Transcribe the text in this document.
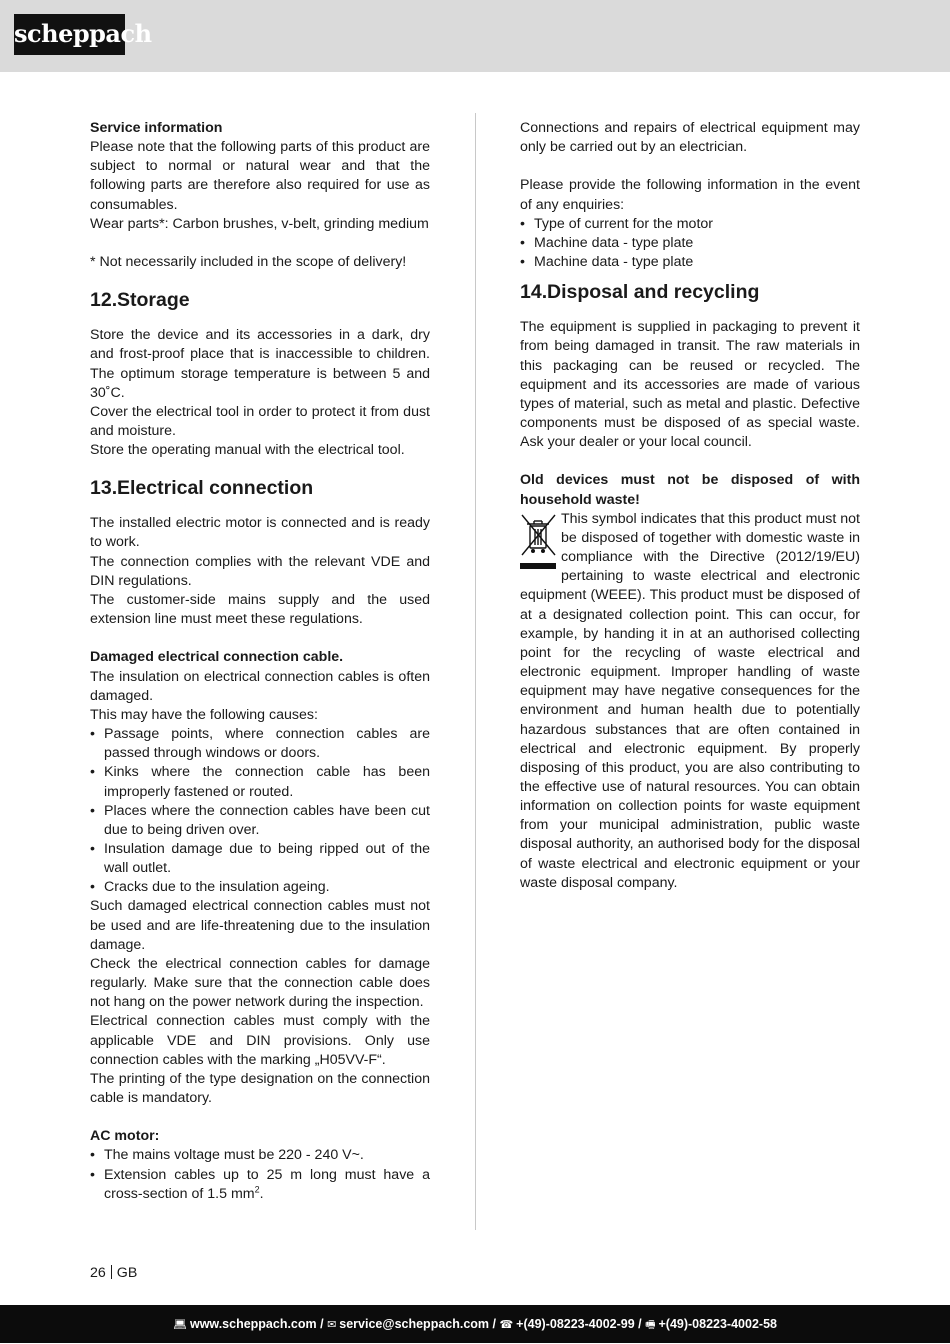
scheppach

Service information

Please note that the following parts of this product are subject to normal or natural wear and that the following parts are therefore also required for use as consumables.

Wear parts*: Carbon brushes, v-belt, grinding medium

* Not necessarily included in the scope of delivery!

12.Storage

Store the device and its accessories in a dark, dry and frost-proof place that is inaccessible to children. The optimum storage temperature is between 5 and 30˚C.

Cover the electrical tool in order to protect it from dust and moisture.

Store the operating manual with the electrical tool.

13.Electrical connection

The installed electric motor is connected and is ready to work.

The connection complies with the relevant VDE and DIN regulations.

The customer-side mains supply and the used extension line must meet these regulations.

Damaged electrical connection cable.

The insulation on electrical connection cables is often damaged.

This may have the following causes:

• Passage points, where connection cables are passed through windows or doors.
• Kinks where the connection cable has been improperly fastened or routed.
• Places where the connection cables have been cut due to being driven over.
• Insulation damage due to being ripped out of the wall outlet.
• Cracks due to the insulation ageing.

Such damaged electrical connection cables must not be used and are life-threatening due to the insulation damage.

Check the electrical connection cables for damage regularly. Make sure that the connection cable does not hang on the power network during the inspection.

Electrical connection cables must comply with the applicable VDE and DIN provisions. Only use connection cables with the marking „H05VV-F“.

The printing of the type designation on the connection cable is mandatory.

AC motor:

• The mains voltage must be 220 - 240 V~.
• Extension cables up to 25 m long must have a cross-section of 1.5 $mm^2$.

Connections and repairs of electrical equipment may only be carried out by an electrician.

Please provide the following information in the event of any enquiries:

• Type of current for the motor
• Machine data - type plate
• Machine data - type plate
14.Disposal and recycling

The equipment is supplied in packaging to prevent it from being damaged in transit. The raw materials in this packaging can be reused or recycled. The equipment and its accessories are made of various types of material, such as metal and plastic. Defective components must be disposed of as special waste. Ask your dealer or your local council.

Old devices must not be disposed of with household waste!

This symbol indicates that this product must not be disposed of together with domestic waste in compliance with the Directive (2012/19/EU) pertaining to waste electrical and electronic equipment (WEEE). This product must be disposed of at a designated collection point. This can occur, for example, by handing it in at an authorised collecting point for the recycling of waste electrical and electronic equipment. Improper handling of waste equipment may have negative consequences for the environment and human health due to potentially hazardous substances that are often contained in electrical and electronic equipment. By properly disposing of this product, you are also contributing to the effective use of natural resources. You can obtain information on collection points for waste equipment from your municipal administration, public waste disposal authority, an authorised body for the disposal of waste electrical and electronic equipment or your waste disposal company.

26 GB
💻︎ www.scheppach.com / ✉︎ service@scheppach.com / ☎︎ +(49)-08223-4002-99 / 🖷︎ +(49)-08223-4002-58
